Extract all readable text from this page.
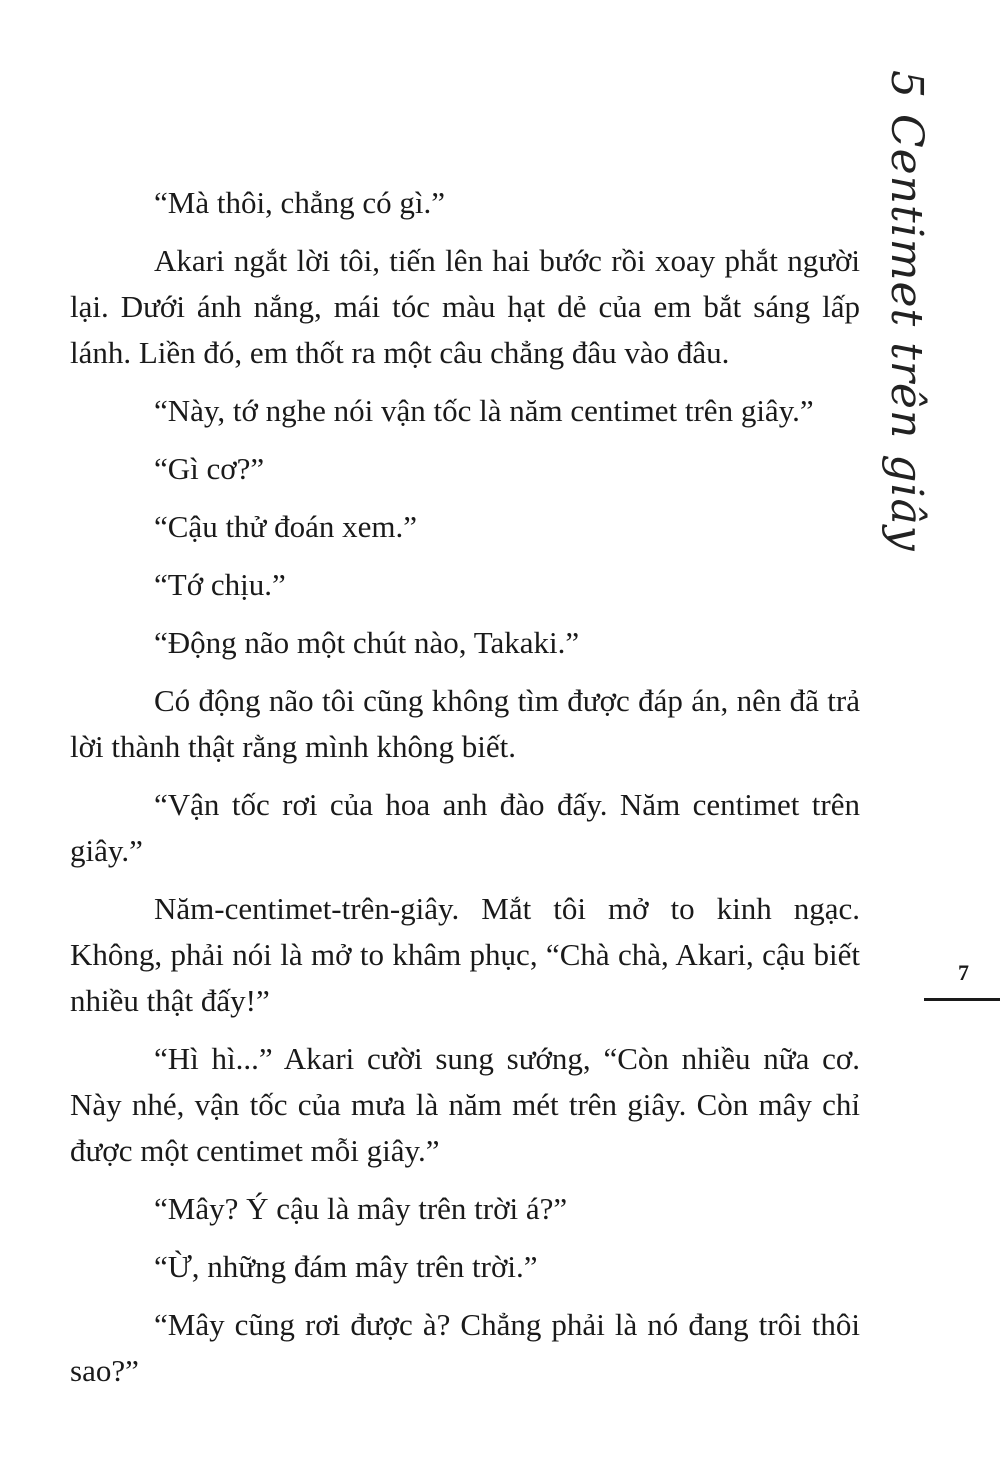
5 Centimet trên giây

“Mà thôi, chẳng có gì.”

Akari ngắt lời tôi, tiến lên hai bước rồi xoay phắt người lại. Dưới ánh nắng, mái tóc màu hạt dẻ của em bắt sáng lấp lánh. Liền đó, em thốt ra một câu chẳng đâu vào đâu.

“Này, tớ nghe nói vận tốc là năm centimet trên giây.”

“Gì cơ?”

“Cậu thử đoán xem.”

“Tớ chịu.”

“Động não một chút nào, Takaki.”

Có động não tôi cũng không tìm được đáp án, nên đã trả lời thành thật rằng mình không biết.

“Vận tốc rơi của hoa anh đào đấy. Năm centimet trên giây.”

Năm-centimet-trên-giây. Mắt tôi mở to kinh ngạc. Không, phải nói là mở to khâm phục, “Chà chà, Akari, cậu biết nhiều thật đấy!”

“Hì hì...” Akari cười sung sướng, “Còn nhiều nữa cơ. Này nhé, vận tốc của mưa là năm mét trên giây. Còn mây chỉ được một centimet mỗi giây.”

“Mây? Ý cậu là mây trên trời á?”

“Ừ, những đám mây trên trời.”

“Mây cũng rơi được à? Chẳng phải là nó đang trôi thôi sao?”

7
